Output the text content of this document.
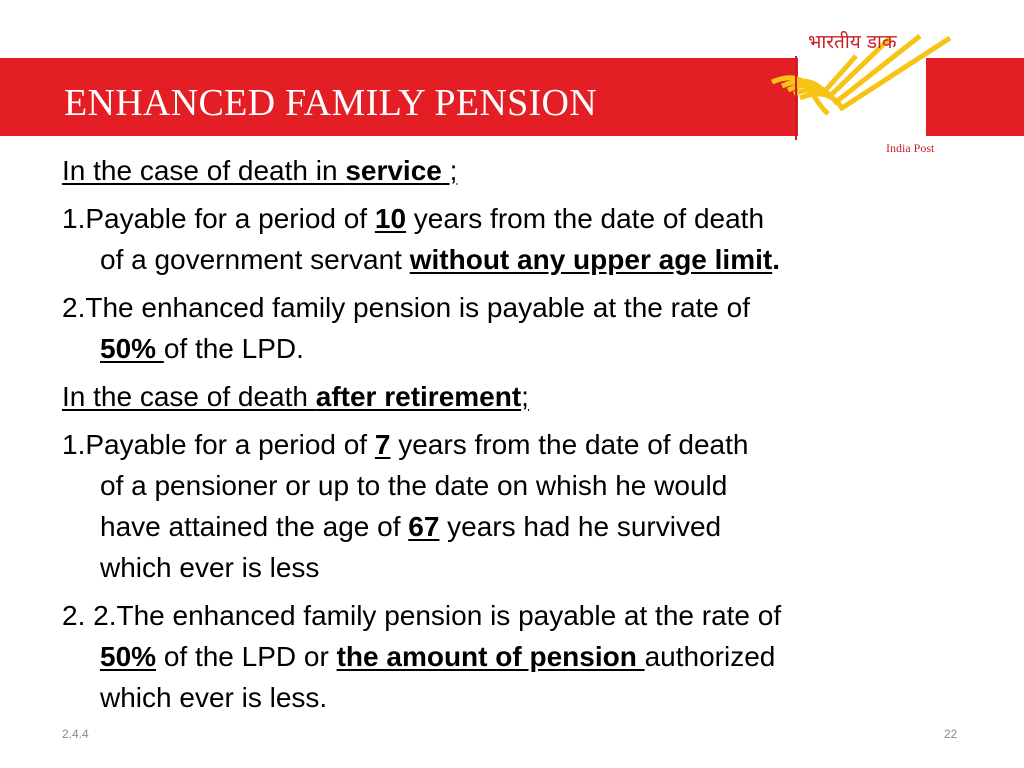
भारतीय डाक
India Post
ENHANCED FAMILY PENSION
In the case of death in service ;
1.Payable for a period of 10 years from the date of death
of a government servant without any upper age limit.
2.The enhanced family pension is payable at the rate of
50% of the LPD.
In the case of death after retirement;
1.Payable for a period of 7 years from the date of death
of a pensioner or up to the date on whish he would
have attained the age of 67 years had he survived
which ever is less
2. 2.The enhanced family pension is payable at the rate of
50% of the LPD or the amount of pension authorized
which ever is less.
2.4.4	22
